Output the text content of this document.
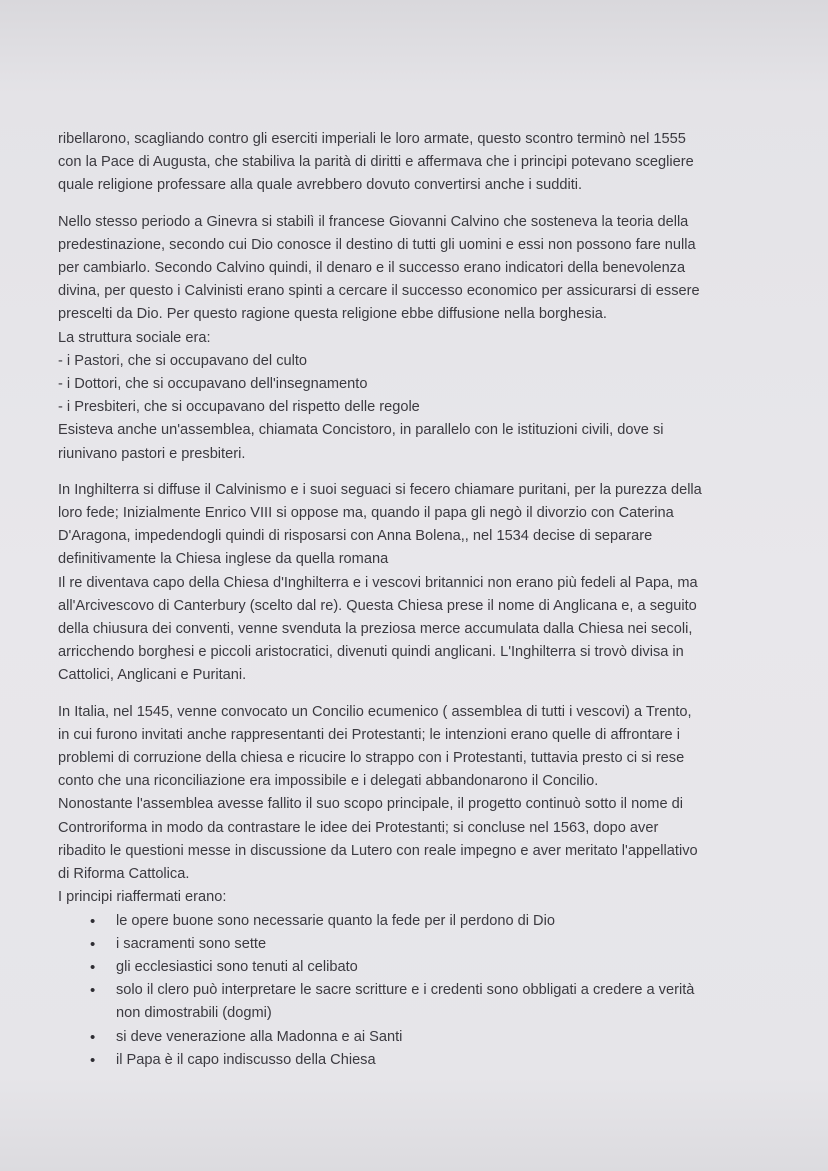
ribellarono, scagliando contro gli eserciti imperiali le loro armate, questo scontro terminò nel 1555
con la Pace di Augusta, che stabiliva la parità di diritti e affermava che i principi potevano scegliere
quale religione professare alla quale avrebbero dovuto convertirsi anche i sudditi.
Nello stesso periodo a Ginevra si stabilì il francese Giovanni Calvino che sosteneva la teoria della
predestinazione, secondo cui Dio conosce il destino di tutti gli uomini e essi non possono fare nulla
per cambiarlo. Secondo Calvino quindi, il denaro e il successo erano indicatori della benevolenza
divina, per questo i Calvinisti erano spinti a cercare il successo economico per assicurarsi di essere
prescelti da Dio. Per questo ragione questa religione ebbe diffusione nella borghesia.
La struttura sociale era:
- i Pastori, che si occupavano del culto
- i Dottori, che si occupavano dell'insegnamento
- i Presbiteri, che si occupavano del rispetto delle regole
Esisteva anche un'assemblea, chiamata Concistoro, in parallelo con le istituzioni civili, dove si
riunivano pastori e presbiteri.
In Inghilterra si diffuse il Calvinismo e i suoi seguaci si fecero chiamare puritani, per la purezza della
loro fede; Inizialmente Enrico VIII si oppose ma, quando il papa gli negò il divorzio con Caterina
D'Aragona, impedendogli quindi di risposarsi con Anna Bolena,, nel 1534 decise di separare
definitivamente la Chiesa inglese da quella romana
Il re diventava capo della Chiesa d'Inghilterra e i vescovi britannici non erano più fedeli al Papa, ma
all'Arcivescovo di Canterbury (scelto dal re). Questa Chiesa prese il nome di Anglicana e, a seguito
della chiusura dei conventi, venne svenduta la preziosa merce accumulata dalla Chiesa nei secoli,
arricchendo borghesi e piccoli aristocratici, divenuti quindi anglicani. L'Inghilterra si trovò divisa in
Cattolici, Anglicani e Puritani.
In Italia, nel 1545, venne convocato un Concilio ecumenico ( assemblea di tutti i vescovi) a Trento,
in cui furono invitati anche rappresentanti dei Protestanti; le intenzioni erano quelle di affrontare i
problemi di corruzione della chiesa e ricucire lo strappo con i Protestanti, tuttavia presto ci si rese
conto che una riconciliazione era impossibile e i delegati abbandonarono il Concilio.
Nonostante l'assemblea avesse fallito il suo scopo principale, il progetto continuò sotto il nome di
Controriforma in modo da contrastare le idee dei Protestanti; si concluse nel 1563, dopo aver
ribadito le questioni messe in discussione da Lutero con reale impegno e aver meritato l'appellativo
di Riforma Cattolica.
I principi riaffermati erano:
• le opere buone sono necessarie quanto la fede per il perdono di Dio
• i sacramenti sono sette
• gli ecclesiastici sono tenuti al celibato
• solo il clero può interpretare le sacre scritture e i credenti sono obbligati a credere a verità
non dimostrabili (dogmi)
• si deve venerazione alla Madonna e ai Santi
• il Papa è il capo indiscusso della Chiesa
